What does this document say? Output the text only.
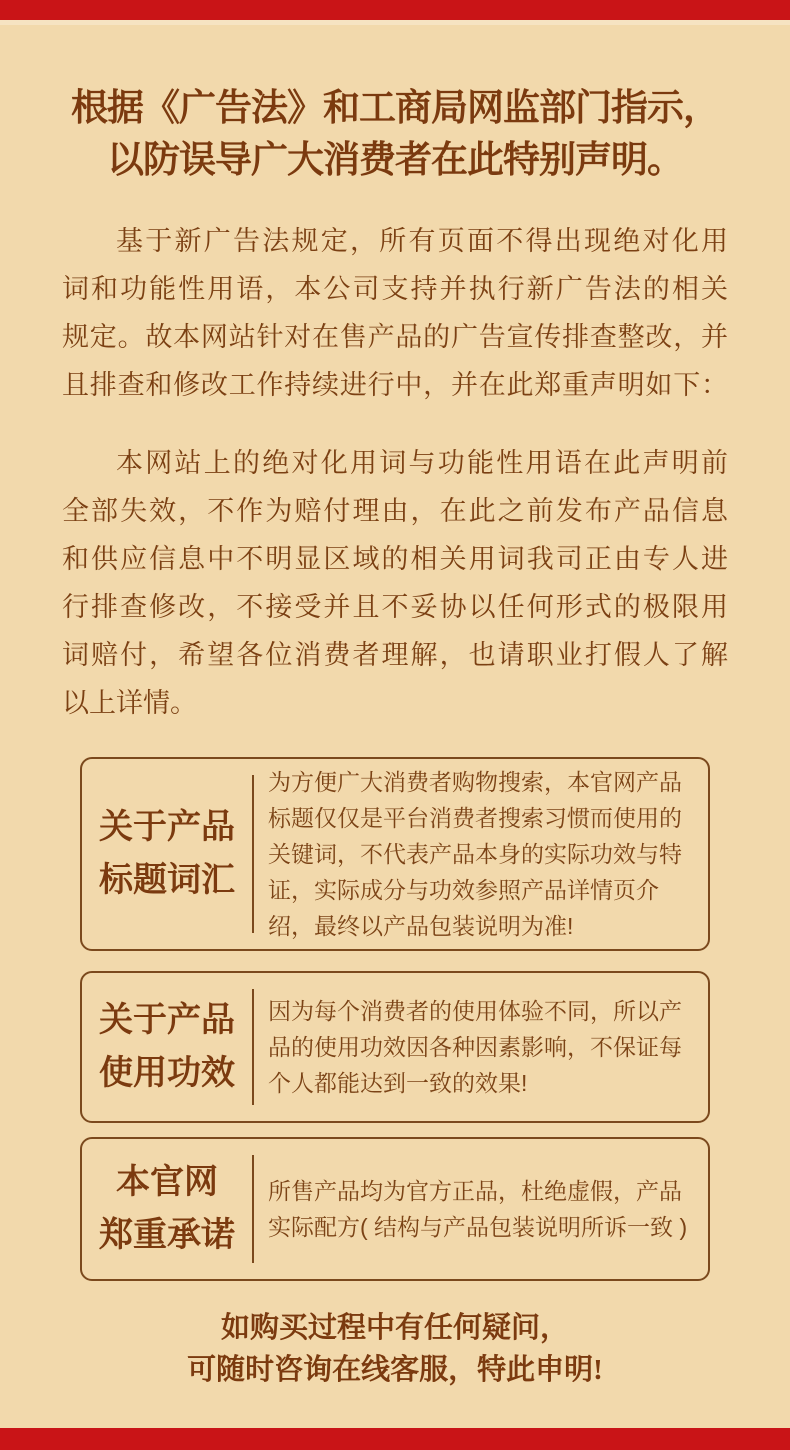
根据《广告法》和工商局网监部门指示，
以防误导广大消费者在此特别声明。
基于新广告法规定，所有页面不得出现绝对化用
词和功能性用语，本公司支持并执行新广告法的相关
规定。故本网站针对在售产品的广告宣传排查整改，并
且排查和修改工作持续进行中，并在此郑重声明如下：
本网站上的绝对化用词与功能性用语在此声明前
全部失效，不作为赔付理由，在此之前发布产品信息
和供应信息中不明显区域的相关用词我司正由专人进
行排查修改，不接受并且不妥协以任何形式的极限用
词赔付，希望各位消费者理解，也请职业打假人了解
以上详情。
关于产品
标题词汇
为方便广大消费者购物搜索，本官网产品标题仅仅是平台消费者搜索习惯而使用的关键词，不代表产品本身的实际功效与特证，实际成分与功效参照产品详情页介绍，最终以产品包装说明为准!
关于产品
使用功效
因为每个消费者的使用体验不同，所以产品的使用功效因各种因素影响，不保证每个人都能达到一致的效果!
本官网
郑重承诺
所售产品均为官方正品，杜绝虚假，产品实际配方( 结构与产品包装说明所诉一致 )
如购买过程中有任何疑问，
可随时咨询在线客服，特此申明!
